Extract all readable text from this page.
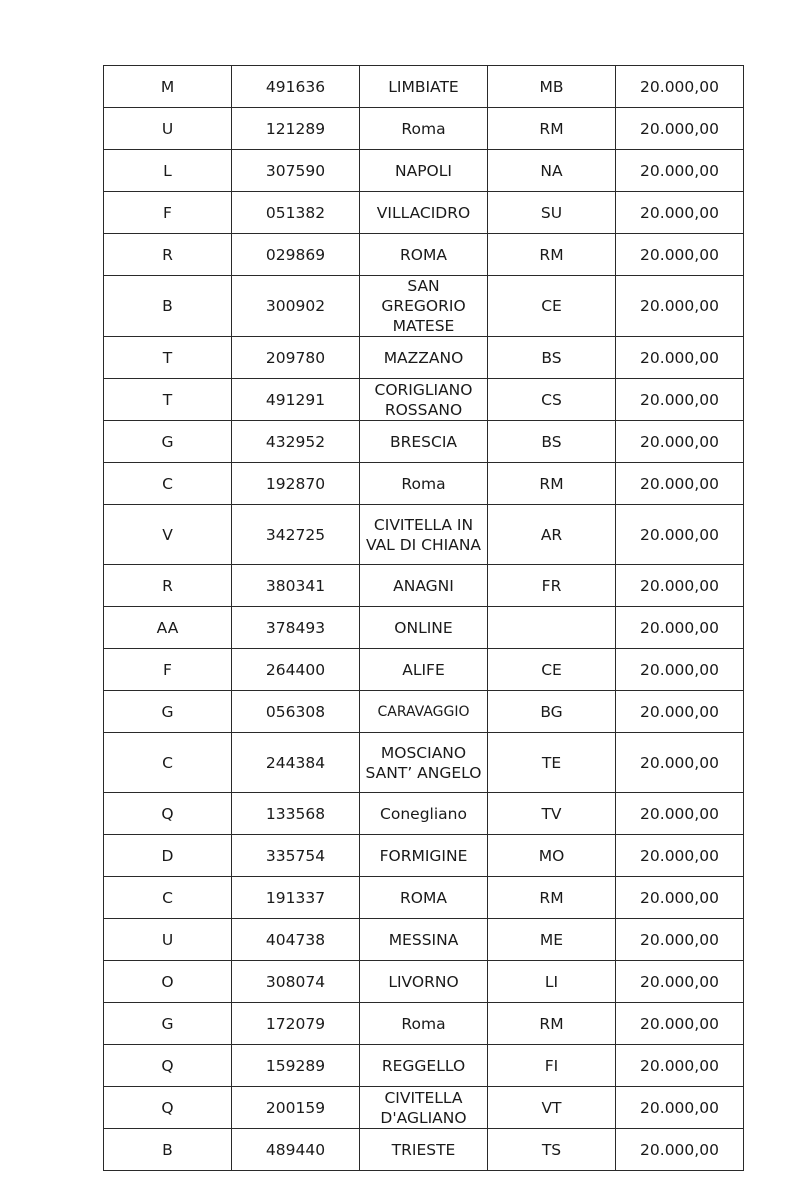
M	491636	LIMBIATE	MB	20.000,00
U	121289	Roma	RM	20.000,00
L	307590	NAPOLI	NA	20.000,00
F	051382	VILLACIDRO	SU	20.000,00
R	029869	ROMA	RM	20.000,00
B	300902	SAN GREGORIO MATESE	CE	20.000,00
T	209780	MAZZANO	BS	20.000,00
T	491291	CORIGLIANO ROSSANO	CS	20.000,00
G	432952	BRESCIA	BS	20.000,00
C	192870	Roma	RM	20.000,00
V	342725	CIVITELLA IN VAL DI CHIANA	AR	20.000,00
R	380341	ANAGNI	FR	20.000,00
AA	378493	ONLINE		20.000,00
F	264400	ALIFE	CE	20.000,00
G	056308	CARAVAGGIO	BG	20.000,00
C	244384	MOSCIANO SANT’ ANGELO	TE	20.000,00
Q	133568	Conegliano	TV	20.000,00
D	335754	FORMIGINE	MO	20.000,00
C	191337	ROMA	RM	20.000,00
U	404738	MESSINA	ME	20.000,00
O	308074	LIVORNO	LI	20.000,00
G	172079	Roma	RM	20.000,00
Q	159289	REGGELLO	FI	20.000,00
Q	200159	CIVITELLA D'AGLIANO	VT	20.000,00
B	489440	TRIESTE	TS	20.000,00
